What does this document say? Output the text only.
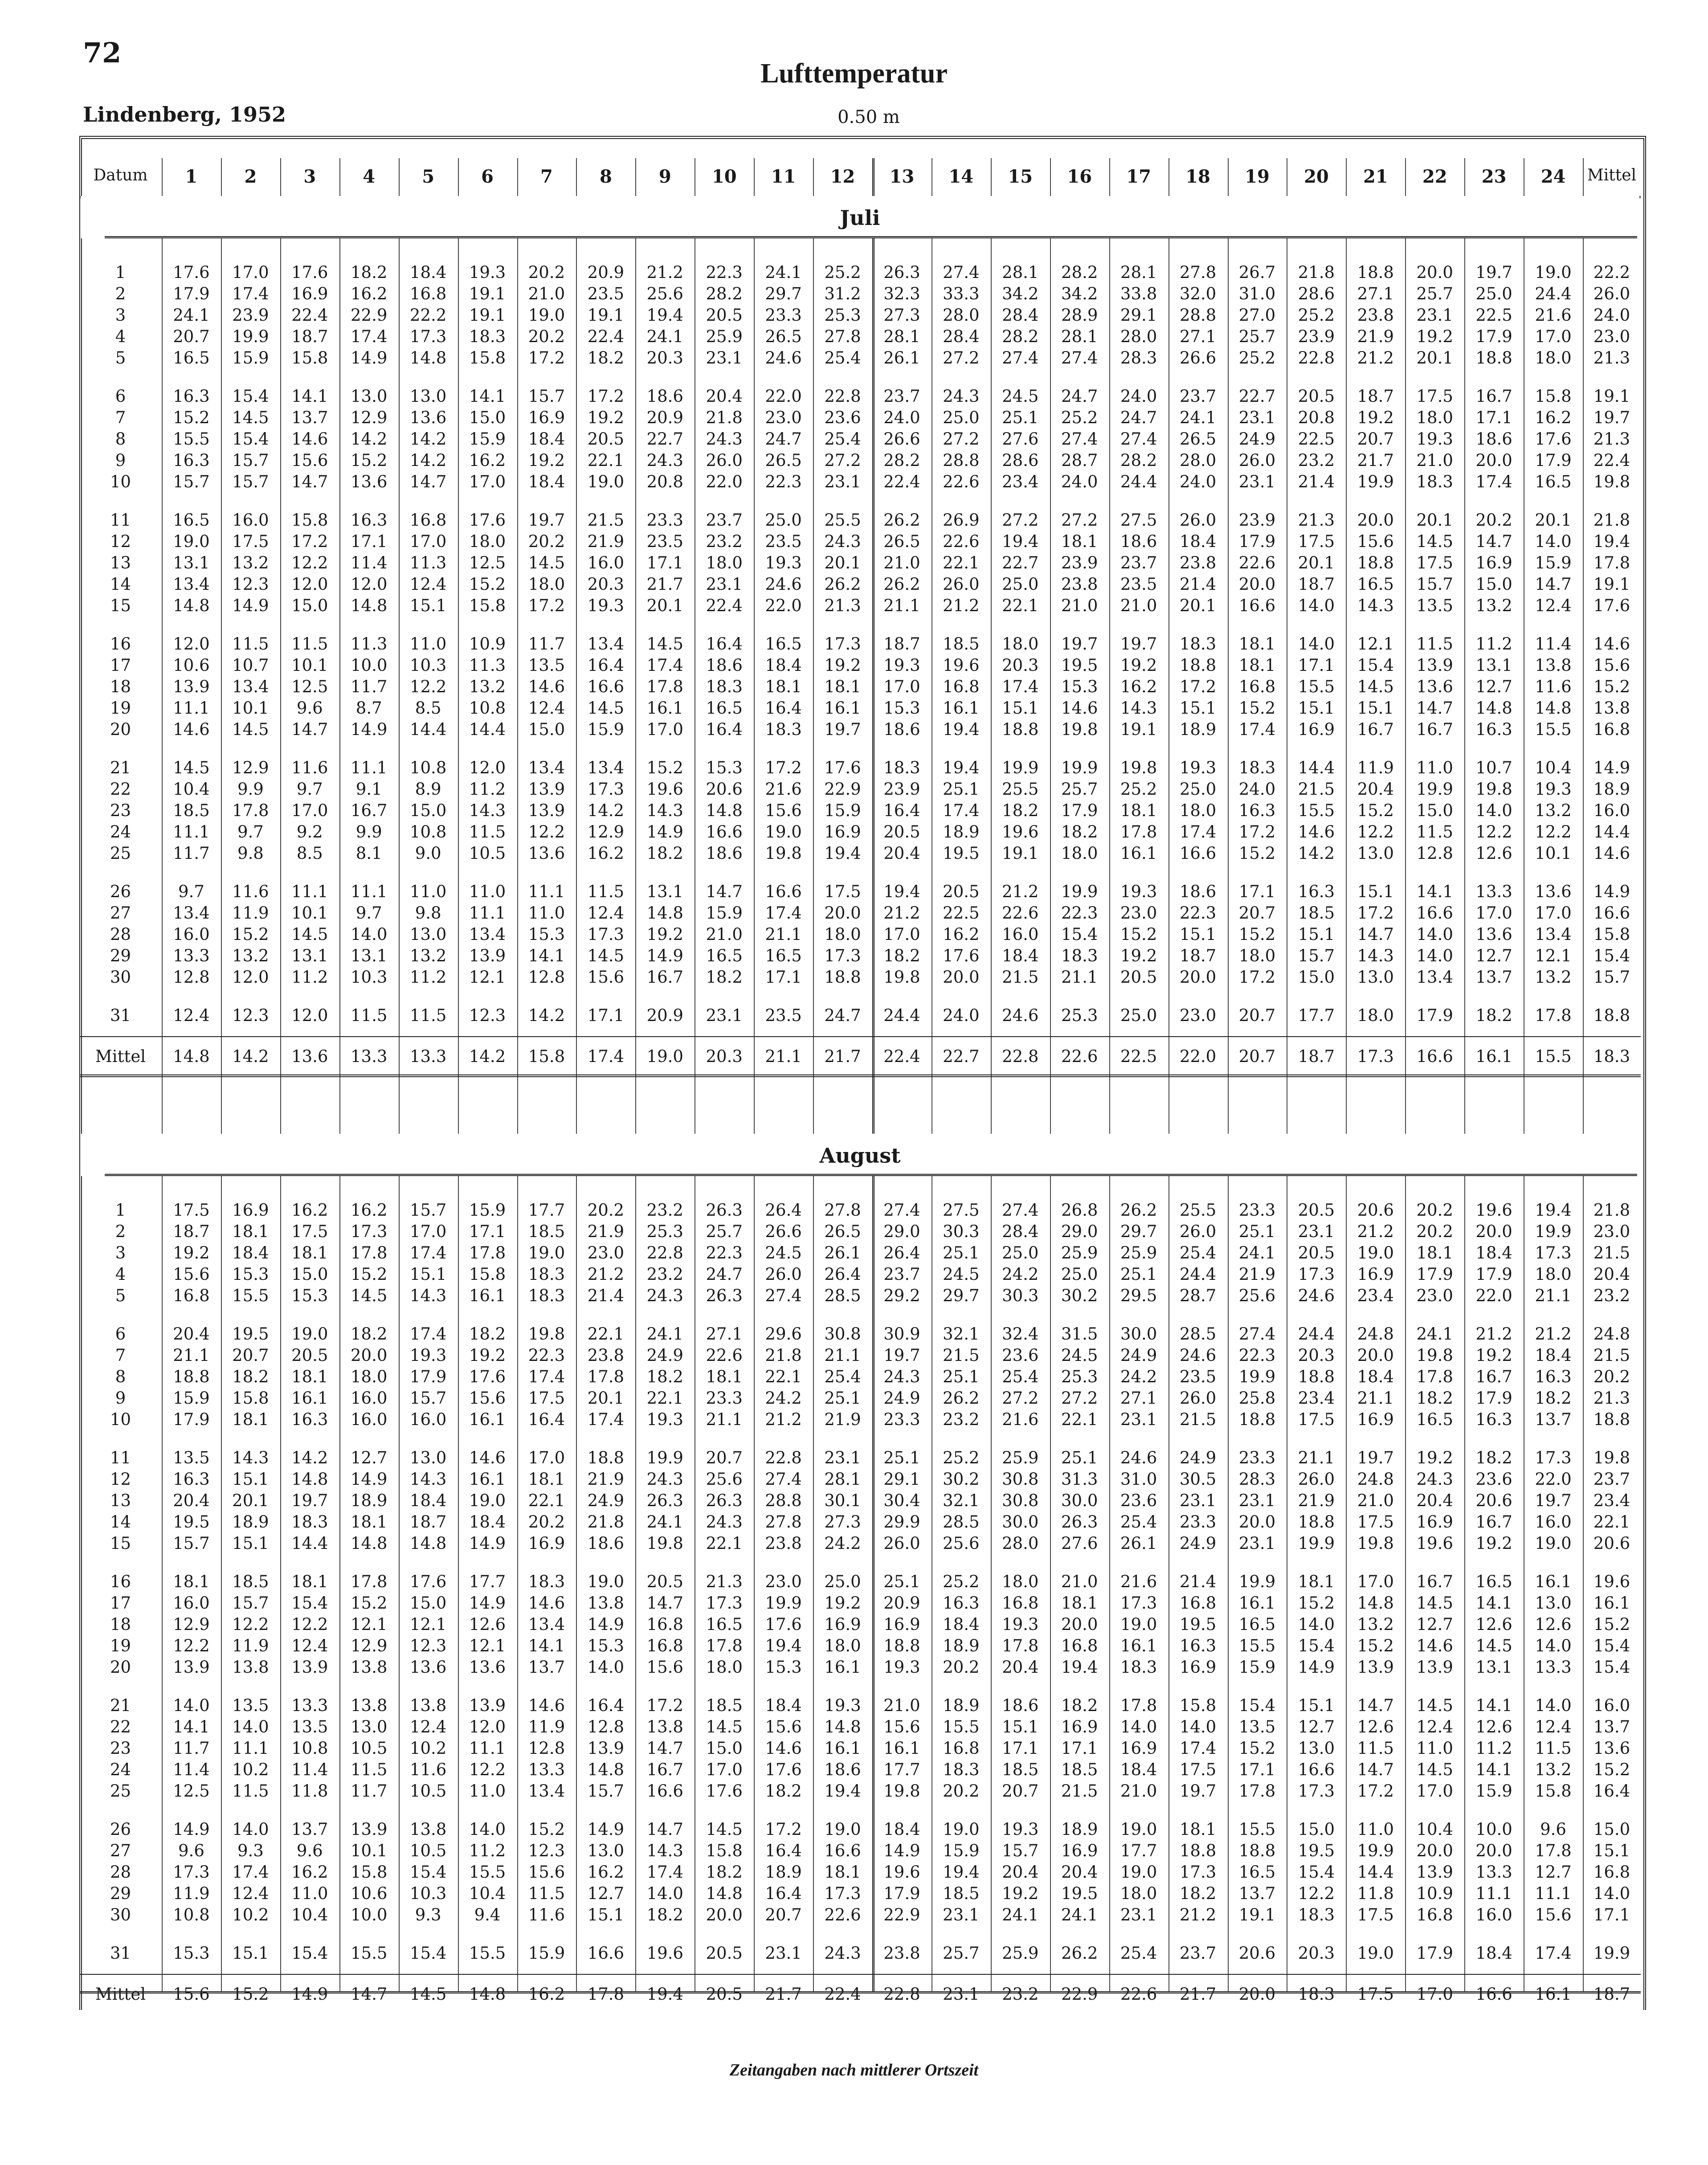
72
Lufttemperatur
Lindenberg, 1952	0.50 m
Datum	1	2	3	4	5	6	7	8	9	10	11	12	13	14	15	16	17	18	19	20	21	22	23	24	Mittel
Juli
1	17.6	17.0	17.6	18.2	18.4	19.3	20.2	20.9	21.2	22.3	24.1	25.2	26.3	27.4	28.1	28.2	28.1	27.8	26.7	21.8	18.8	20.0	19.7	19.0	22.2
2	17.9	17.4	16.9	16.2	16.8	19.1	21.0	23.5	25.6	28.2	29.7	31.2	32.3	33.3	34.2	34.2	33.8	32.0	31.0	28.6	27.1	25.7	25.0	24.4	26.0
3	24.1	23.9	22.4	22.9	22.2	19.1	19.0	19.1	19.4	20.5	23.3	25.3	27.3	28.0	28.4	28.9	29.1	28.8	27.0	25.2	23.8	23.1	22.5	21.6	24.0
4	20.7	19.9	18.7	17.4	17.3	18.3	20.2	22.4	24.1	25.9	26.5	27.8	28.1	28.4	28.2	28.1	28.0	27.1	25.7	23.9	21.9	19.2	17.9	17.0	23.0
5	16.5	15.9	15.8	14.9	14.8	15.8	17.2	18.2	20.3	23.1	24.6	25.4	26.1	27.2	27.4	27.4	28.3	26.6	25.2	22.8	21.2	20.1	18.8	18.0	21.3
6	16.3	15.4	14.1	13.0	13.0	14.1	15.7	17.2	18.6	20.4	22.0	22.8	23.7	24.3	24.5	24.7	24.0	23.7	22.7	20.5	18.7	17.5	16.7	15.8	19.1
7	15.2	14.5	13.7	12.9	13.6	15.0	16.9	19.2	20.9	21.8	23.0	23.6	24.0	25.0	25.1	25.2	24.7	24.1	23.1	20.8	19.2	18.0	17.1	16.2	19.7
8	15.5	15.4	14.6	14.2	14.2	15.9	18.4	20.5	22.7	24.3	24.7	25.4	26.6	27.2	27.6	27.4	27.4	26.5	24.9	22.5	20.7	19.3	18.6	17.6	21.3
9	16.3	15.7	15.6	15.2	14.2	16.2	19.2	22.1	24.3	26.0	26.5	27.2	28.2	28.8	28.6	28.7	28.2	28.0	26.0	23.2	21.7	21.0	20.0	17.9	22.4
10	15.7	15.7	14.7	13.6	14.7	17.0	18.4	19.0	20.8	22.0	22.3	23.1	22.4	22.6	23.4	24.0	24.4	24.0	23.1	21.4	19.9	18.3	17.4	16.5	19.8
11	16.5	16.0	15.8	16.3	16.8	17.6	19.7	21.5	23.3	23.7	25.0	25.5	26.2	26.9	27.2	27.2	27.5	26.0	23.9	21.3	20.0	20.1	20.2	20.1	21.8
12	19.0	17.5	17.2	17.1	17.0	18.0	20.2	21.9	23.5	23.2	23.5	24.3	26.5	22.6	19.4	18.1	18.6	18.4	17.9	17.5	15.6	14.5	14.7	14.0	19.4
13	13.1	13.2	12.2	11.4	11.3	12.5	14.5	16.0	17.1	18.0	19.3	20.1	21.0	22.1	22.7	23.9	23.7	23.8	22.6	20.1	18.8	17.5	16.9	15.9	17.8
14	13.4	12.3	12.0	12.0	12.4	15.2	18.0	20.3	21.7	23.1	24.6	26.2	26.2	26.0	25.0	23.8	23.5	21.4	20.0	18.7	16.5	15.7	15.0	14.7	19.1
15	14.8	14.9	15.0	14.8	15.1	15.8	17.2	19.3	20.1	22.4	22.0	21.3	21.1	21.2	22.1	21.0	21.0	20.1	16.6	14.0	14.3	13.5	13.2	12.4	17.6
16	12.0	11.5	11.5	11.3	11.0	10.9	11.7	13.4	14.5	16.4	16.5	17.3	18.7	18.5	18.0	19.7	19.7	18.3	18.1	14.0	12.1	11.5	11.2	11.4	14.6
17	10.6	10.7	10.1	10.0	10.3	11.3	13.5	16.4	17.4	18.6	18.4	19.2	19.3	19.6	20.3	19.5	19.2	18.8	18.1	17.1	15.4	13.9	13.1	13.8	15.6
18	13.9	13.4	12.5	11.7	12.2	13.2	14.6	16.6	17.8	18.3	18.1	18.1	17.0	16.8	17.4	15.3	16.2	17.2	16.8	15.5	14.5	13.6	12.7	11.6	15.2
19	11.1	10.1	9.6	8.7	8.5	10.8	12.4	14.5	16.1	16.5	16.4	16.1	15.3	16.1	15.1	14.6	14.3	15.1	15.2	15.1	15.1	14.7	14.8	14.8	13.8
20	14.6	14.5	14.7	14.9	14.4	14.4	15.0	15.9	17.0	16.4	18.3	19.7	18.6	19.4	18.8	19.8	19.1	18.9	17.4	16.9	16.7	16.7	16.3	15.5	16.8
21	14.5	12.9	11.6	11.1	10.8	12.0	13.4	13.4	15.2	15.3	17.2	17.6	18.3	19.4	19.9	19.9	19.8	19.3	18.3	14.4	11.9	11.0	10.7	10.4	14.9
22	10.4	9.9	9.7	9.1	8.9	11.2	13.9	17.3	19.6	20.6	21.6	22.9	23.9	25.1	25.5	25.7	25.2	25.0	24.0	21.5	20.4	19.9	19.8	19.3	18.9
23	18.5	17.8	17.0	16.7	15.0	14.3	13.9	14.2	14.3	14.8	15.6	15.9	16.4	17.4	18.2	17.9	18.1	18.0	16.3	15.5	15.2	15.0	14.0	13.2	16.0
24	11.1	9.7	9.2	9.9	10.8	11.5	12.2	12.9	14.9	16.6	19.0	16.9	20.5	18.9	19.6	18.2	17.8	17.4	17.2	14.6	12.2	11.5	12.2	12.2	14.4
25	11.7	9.8	8.5	8.1	9.0	10.5	13.6	16.2	18.2	18.6	19.8	19.4	20.4	19.5	19.1	18.0	16.1	16.6	15.2	14.2	13.0	12.8	12.6	10.1	14.6
26	9.7	11.6	11.1	11.1	11.0	11.0	11.1	11.5	13.1	14.7	16.6	17.5	19.4	20.5	21.2	19.9	19.3	18.6	17.1	16.3	15.1	14.1	13.3	13.6	14.9
27	13.4	11.9	10.1	9.7	9.8	11.1	11.0	12.4	14.8	15.9	17.4	20.0	21.2	22.5	22.6	22.3	23.0	22.3	20.7	18.5	17.2	16.6	17.0	17.0	16.6
28	16.0	15.2	14.5	14.0	13.0	13.4	15.3	17.3	19.2	21.0	21.1	18.0	17.0	16.2	16.0	15.4	15.2	15.1	15.2	15.1	14.7	14.0	13.6	13.4	15.8
29	13.3	13.2	13.1	13.1	13.2	13.9	14.1	14.5	14.9	16.5	16.5	17.3	18.2	17.6	18.4	18.3	19.2	18.7	18.0	15.7	14.3	14.0	12.7	12.1	15.4
30	12.8	12.0	11.2	10.3	11.2	12.1	12.8	15.6	16.7	18.2	17.1	18.8	19.8	20.0	21.5	21.1	20.5	20.0	17.2	15.0	13.0	13.4	13.7	13.2	15.7
31	12.4	12.3	12.0	11.5	11.5	12.3	14.2	17.1	20.9	23.1	23.5	24.7	24.4	24.0	24.6	25.3	25.0	23.0	20.7	17.7	18.0	17.9	18.2	17.8	18.8
Mittel	14.8	14.2	13.6	13.3	13.3	14.2	15.8	17.4	19.0	20.3	21.1	21.7	22.4	22.7	22.8	22.6	22.5	22.0	20.7	18.7	17.3	16.6	16.1	15.5	18.3
August
1	17.5	16.9	16.2	16.2	15.7	15.9	17.7	20.2	23.2	26.3	26.4	27.8	27.4	27.5	27.4	26.8	26.2	25.5	23.3	20.5	20.6	20.2	19.6	19.4	21.8
2	18.7	18.1	17.5	17.3	17.0	17.1	18.5	21.9	25.3	25.7	26.6	26.5	29.0	30.3	28.4	29.0	29.7	26.0	25.1	23.1	21.2	20.2	20.0	19.9	23.0
3	19.2	18.4	18.1	17.8	17.4	17.8	19.0	23.0	22.8	22.3	24.5	26.1	26.4	25.1	25.0	25.9	25.9	25.4	24.1	20.5	19.0	18.1	18.4	17.3	21.5
4	15.6	15.3	15.0	15.2	15.1	15.8	18.3	21.2	23.2	24.7	26.0	26.4	23.7	24.5	24.2	25.0	25.1	24.4	21.9	17.3	16.9	17.9	17.9	18.0	20.4
5	16.8	15.5	15.3	14.5	14.3	16.1	18.3	21.4	24.3	26.3	27.4	28.5	29.2	29.7	30.3	30.2	29.5	28.7	25.6	24.6	23.4	23.0	22.0	21.1	23.2
6	20.4	19.5	19.0	18.2	17.4	18.2	19.8	22.1	24.1	27.1	29.6	30.8	30.9	32.1	32.4	31.5	30.0	28.5	27.4	24.4	24.8	24.1	21.2	21.2	24.8
7	21.1	20.7	20.5	20.0	19.3	19.2	22.3	23.8	24.9	22.6	21.8	21.1	19.7	21.5	23.6	24.5	24.9	24.6	22.3	20.3	20.0	19.8	19.2	18.4	21.5
8	18.8	18.2	18.1	18.0	17.9	17.6	17.4	17.8	18.2	18.1	22.1	25.4	24.3	25.1	25.4	25.3	24.2	23.5	19.9	18.8	18.4	17.8	16.7	16.3	20.2
9	15.9	15.8	16.1	16.0	15.7	15.6	17.5	20.1	22.1	23.3	24.2	25.1	24.9	26.2	27.2	27.2	27.1	26.0	25.8	23.4	21.1	18.2	17.9	18.2	21.3
10	17.9	18.1	16.3	16.0	16.0	16.1	16.4	17.4	19.3	21.1	21.2	21.9	23.3	23.2	21.6	22.1	23.1	21.5	18.8	17.5	16.9	16.5	16.3	13.7	18.8
11	13.5	14.3	14.2	12.7	13.0	14.6	17.0	18.8	19.9	20.7	22.8	23.1	25.1	25.2	25.9	25.1	24.6	24.9	23.3	21.1	19.7	19.2	18.2	17.3	19.8
12	16.3	15.1	14.8	14.9	14.3	16.1	18.1	21.9	24.3	25.6	27.4	28.1	29.1	30.2	30.8	31.3	31.0	30.5	28.3	26.0	24.8	24.3	23.6	22.0	23.7
13	20.4	20.1	19.7	18.9	18.4	19.0	22.1	24.9	26.3	26.3	28.8	30.1	30.4	32.1	30.8	30.0	23.6	23.1	23.1	21.9	21.0	20.4	20.6	19.7	23.4
14	19.5	18.9	18.3	18.1	18.7	18.4	20.2	21.8	24.1	24.3	27.8	27.3	29.9	28.5	30.0	26.3	25.4	23.3	20.0	18.8	17.5	16.9	16.7	16.0	22.1
15	15.7	15.1	14.4	14.8	14.8	14.9	16.9	18.6	19.8	22.1	23.8	24.2	26.0	25.6	28.0	27.6	26.1	24.9	23.1	19.9	19.8	19.6	19.2	19.0	20.6
16	18.1	18.5	18.1	17.8	17.6	17.7	18.3	19.0	20.5	21.3	23.0	25.0	25.1	25.2	18.0	21.0	21.6	21.4	19.9	18.1	17.0	16.7	16.5	16.1	19.6
17	16.0	15.7	15.4	15.2	15.0	14.9	14.6	13.8	14.7	17.3	19.9	19.2	20.9	16.3	16.8	18.1	17.3	16.8	16.1	15.2	14.8	14.5	14.1	13.0	16.1
18	12.9	12.2	12.2	12.1	12.1	12.6	13.4	14.9	16.8	16.5	17.6	16.9	16.9	18.4	19.3	20.0	19.0	19.5	16.5	14.0	13.2	12.7	12.6	12.6	15.2
19	12.2	11.9	12.4	12.9	12.3	12.1	14.1	15.3	16.8	17.8	19.4	18.0	18.8	18.9	17.8	16.8	16.1	16.3	15.5	15.4	15.2	14.6	14.5	14.0	15.4
20	13.9	13.8	13.9	13.8	13.6	13.6	13.7	14.0	15.6	18.0	15.3	16.1	19.3	20.2	20.4	19.4	18.3	16.9	15.9	14.9	13.9	13.9	13.1	13.3	15.4
21	14.0	13.5	13.3	13.8	13.8	13.9	14.6	16.4	17.2	18.5	18.4	19.3	21.0	18.9	18.6	18.2	17.8	15.8	15.4	15.1	14.7	14.5	14.1	14.0	16.0
22	14.1	14.0	13.5	13.0	12.4	12.0	11.9	12.8	13.8	14.5	15.6	14.8	15.6	15.5	15.1	16.9	14.0	14.0	13.5	12.7	12.6	12.4	12.6	12.4	13.7
23	11.7	11.1	10.8	10.5	10.2	11.1	12.8	13.9	14.7	15.0	14.6	16.1	16.1	16.8	17.1	17.1	16.9	17.4	15.2	13.0	11.5	11.0	11.2	11.5	13.6
24	11.4	10.2	11.4	11.5	11.6	12.2	13.3	14.8	16.7	17.0	17.6	18.6	17.7	18.3	18.5	18.5	18.4	17.5	17.1	16.6	14.7	14.5	14.1	13.2	15.2
25	12.5	11.5	11.8	11.7	10.5	11.0	13.4	15.7	16.6	17.6	18.2	19.4	19.8	20.2	20.7	21.5	21.0	19.7	17.8	17.3	17.2	17.0	15.9	15.8	16.4
26	14.9	14.0	13.7	13.9	13.8	14.0	15.2	14.9	14.7	14.5	17.2	19.0	18.4	19.0	19.3	18.9	19.0	18.1	15.5	15.0	11.0	10.4	10.0	9.6	15.0
27	9.6	9.3	9.6	10.1	10.5	11.2	12.3	13.0	14.3	15.8	16.4	16.6	14.9	15.9	15.7	16.9	17.7	18.8	18.8	19.5	19.9	20.0	20.0	17.8	15.1
28	17.3	17.4	16.2	15.8	15.4	15.5	15.6	16.2	17.4	18.2	18.9	18.1	19.6	19.4	20.4	20.4	19.0	17.3	16.5	15.4	14.4	13.9	13.3	12.7	16.8
29	11.9	12.4	11.0	10.6	10.3	10.4	11.5	12.7	14.0	14.8	16.4	17.3	17.9	18.5	19.2	19.5	18.0	18.2	13.7	12.2	11.8	10.9	11.1	11.1	14.0
30	10.8	10.2	10.4	10.0	9.3	9.4	11.6	15.1	18.2	20.0	20.7	22.6	22.9	23.1	24.1	24.1	23.1	21.2	19.1	18.3	17.5	16.8	16.0	15.6	17.1
31	15.3	15.1	15.4	15.5	15.4	15.5	15.9	16.6	19.6	20.5	23.1	24.3	23.8	25.7	25.9	26.2	25.4	23.7	20.6	20.3	19.0	17.9	18.4	17.4	19.9
Mittel	15.6	15.2	14.9	14.7	14.5	14.8	16.2	17.8	19.4	20.5	21.7	22.4	22.8	23.1	23.2	22.9	22.6	21.7	20.0	18.3	17.5	17.0	16.6	16.1	18.7
Zeitangaben nach mittlerer Ortszeit
